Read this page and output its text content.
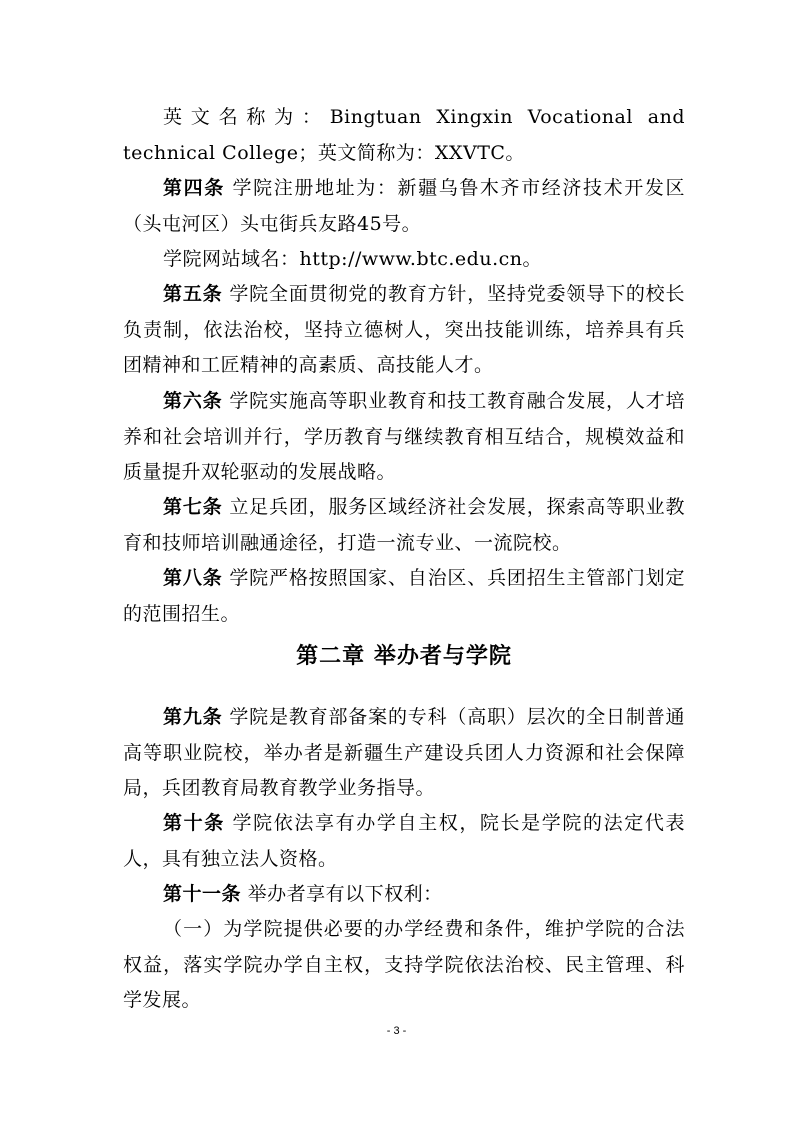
英文名称为：Bingtuan Xingxin Vocational and technical College；英文简称为：XXVTC。

第四条 学院注册地址为：新疆乌鲁木齐市经济技术开发区（头屯河区）头屯街兵友路45号。

学院网站域名：http://www.btc.edu.cn。

第五条 学院全面贯彻党的教育方针，坚持党委领导下的校长负责制，依法治校，坚持立德树人，突出技能训练，培养具有兵团精神和工匠精神的高素质、高技能人才。

第六条 学院实施高等职业教育和技工教育融合发展，人才培养和社会培训并行，学历教育与继续教育相互结合，规模效益和质量提升双轮驱动的发展战略。

第七条 立足兵团，服务区域经济社会发展，探索高等职业教育和技师培训融通途径，打造一流专业、一流院校。

第八条 学院严格按照国家、自治区、兵团招生主管部门划定的范围招生。

第二章 举办者与学院

第九条 学院是教育部备案的专科（高职）层次的全日制普通高等职业院校，举办者是新疆生产建设兵团人力资源和社会保障局，兵团教育局教育教学业务指导。

第十条 学院依法享有办学自主权，院长是学院的法定代表人，具有独立法人资格。

第十一条 举办者享有以下权利：

（一）为学院提供必要的办学经费和条件，维护学院的合法权益，落实学院办学自主权，支持学院依法治校、民主管理、科学发展。

- 3 -
